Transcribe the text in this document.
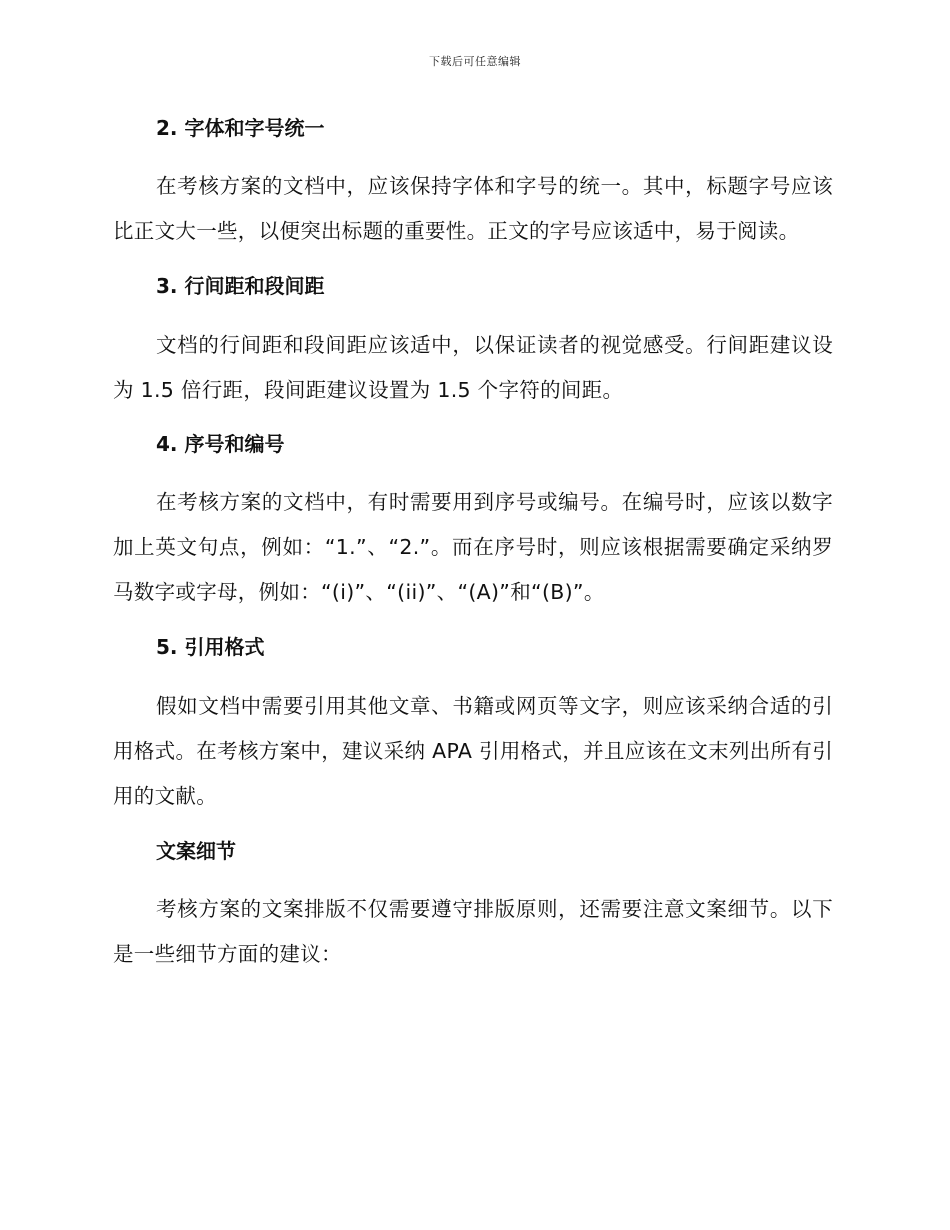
下载后可任意编辑

2. 字体和字号统一

在考核方案的文档中，应该保持字体和字号的统一。其中，标题字号应该比正文大一些，以便突出标题的重要性。正文的字号应该适中，易于阅读。

3. 行间距和段间距

文档的行间距和段间距应该适中，以保证读者的视觉感受。行间距建议设为 1.5 倍行距，段间距建议设置为 1.5 个字符的间距。

4. 序号和编号

在考核方案的文档中，有时需要用到序号或编号。在编号时，应该以数字加上英文句点，例如：“1.”、“2.”。而在序号时，则应该根据需要确定采纳罗马数字或字母，例如：“(i)”、“(ii)”、“(A)”和“(B)”。

5. 引用格式

假如文档中需要引用其他文章、书籍或网页等文字，则应该采纳合适的引用格式。在考核方案中，建议采纳 APA 引用格式，并且应该在文末列出所有引用的文献。

文案细节

考核方案的文案排版不仅需要遵守排版原则，还需要注意文案细节。以下是一些细节方面的建议：
